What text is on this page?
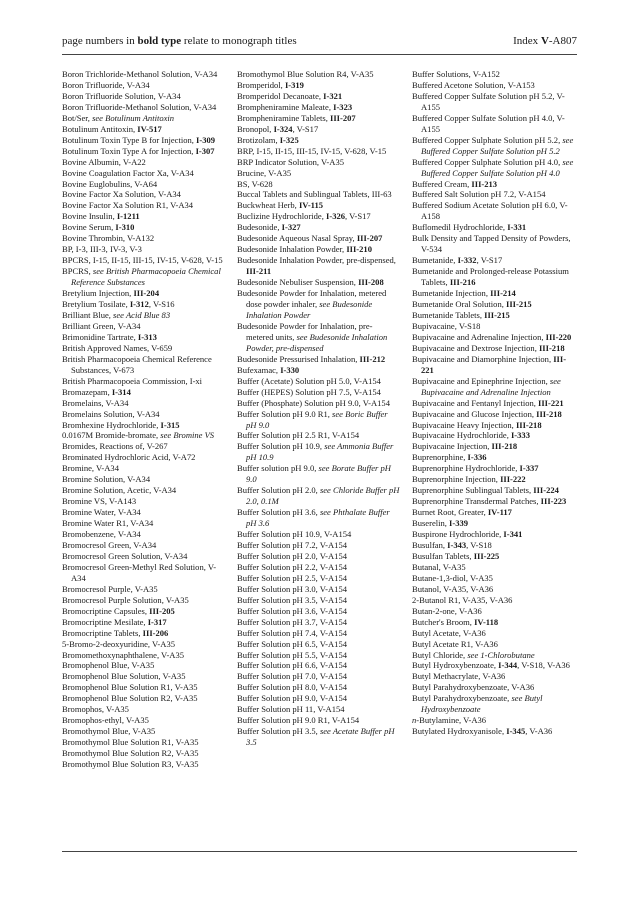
page numbers in bold type relate to monograph titles	Index V-A807
Boron Trichloride-Methanol Solution, V-A34
Boron Trifluoride, V-A34
Boron Trifluoride Solution, V-A34
Boron Trifluoride-Methanol Solution, V-A34
Bot/Ser, see Botulinum Antitoxin
Botulinum Antitoxin, IV-517
Botulinum Toxin Type B for Injection, I-309
Botulinum Toxin Type A for Injection, I-307
Bovine Albumin, V-A22
Bovine Coagulation Factor Xa, V-A34
Bovine Euglobulins, V-A64
Bovine Factor Xa Solution, V-A34
Bovine Factor Xa Solution R1, V-A34
Bovine Insulin, I-1211
Bovine Serum, I-310
Bovine Thrombin, V-A132
BP, I-3, III-3, IV-3, V-3
BPCRS, I-15, II-15, III-15, IV-15, V-628, V-15
BPCRS, see British Pharmacopoeia Chemical Reference Substances
Bretylium Injection, III-204
Bretylium Tosilate, I-312, V-S16
Brilliant Blue, see Acid Blue 83
Brilliant Green, V-A34
Brimonidine Tartrate, I-313
British Approved Names, V-659
British Pharmacopoeia Chemical Reference Substances, V-673
British Pharmacopoeia Commission, I-xi
Bromazepam, I-314
Bromelains, V-A34
Bromelains Solution, V-A34
Bromhexine Hydrochloride, I-315
0.0167M Bromide-bromate, see Bromine VS
Bromides, Reactions of, V-267
Brominated Hydrochloric Acid, V-A72
Bromine, V-A34
Bromine Solution, V-A34
Bromine Solution, Acetic, V-A34
Bromine VS, V-A143
Bromine Water, V-A34
Bromine Water R1, V-A34
Bromobenzene, V-A34
Bromocresol Green, V-A34
Bromocresol Green Solution, V-A34
Bromocresol Green-Methyl Red Solution, V-A34
Bromocresol Purple, V-A35
Bromocresol Purple Solution, V-A35
Bromocriptine Capsules, III-205
Bromocriptine Mesilate, I-317
Bromocriptine Tablets, III-206
5-Bromo-2-deoxyuridine, V-A35
Bromomethoxynaphthalene, V-A35
Bromophenol Blue, V-A35
Bromophenol Blue Solution, V-A35
Bromophenol Blue Solution R1, V-A35
Bromophenol Blue Solution R2, V-A35
Bromophos, V-A35
Bromophos-ethyl, V-A35
Bromothymol Blue, V-A35
Bromothymol Blue Solution R1, V-A35
Bromothymol Blue Solution R2, V-A35
Bromothymol Blue Solution R3, V-A35
Bromothymol Blue Solution R4, V-A35
Bromperidol, I-319
Bromperidol Decanoate, I-321
Brompheniramine Maleate, I-323
Brompheniramine Tablets, III-207
Bronopol, I-324, V-S17
Brotizolam, I-325
BRP, I-15, II-15, III-15, IV-15, V-628, V-15
BRP Indicator Solution, V-A35
Brucine, V-A35
BS, V-628
Buccal Tablets and Sublingual Tablets, III-63
Buckwheat Herb, IV-115
Buclizine Hydrochloride, I-326, V-S17
Budesonide, I-327
Budesonide Aqueous Nasal Spray, III-207
Budesonide Inhalation Powder, III-210
Budesonide Inhalation Powder, pre-dispensed, III-211
Budesonide Nebuliser Suspension, III-208
Budesonide Powder for Inhalation, metered dose powder inhaler, see Budesonide Inhalation Powder
Budesonide Powder for Inhalation, pre-metered units, see Budesonide Inhalation Powder, pre-dispensed
Budesonide Pressurised Inhalation, III-212
Bufexamac, I-330
Buffer (Acetate) Solution pH 5.0, V-A154
Buffer (HEPES) Solution pH 7.5, V-A154
Buffer (Phosphate) Solution pH 9.0, V-A154
Buffer Solution pH 9.0 R1, see Boric Buffer pH 9.0
Buffer Solution pH 2.5 R1, V-A154
Buffer Solution pH 10.9, see Ammonia Buffer pH 10.9
Buffer solution pH 9.0, see Borate Buffer pH 9.0
Buffer Solution pH 2.0, see Chloride Buffer pH 2.0, 0.1M
Buffer Solution pH 3.6, see Phthalate Buffer pH 3.6
Buffer Solution pH 10.9, V-A154
Buffer Solution pH 7.2, V-A154
Buffer Solution pH 2.0, V-A154
Buffer Solution pH 2.2, V-A154
Buffer Solution pH 2.5, V-A154
Buffer Solution pH 3.0, V-A154
Buffer Solution pH 3.5, V-A154
Buffer Solution pH 3.6, V-A154
Buffer Solution pH 3.7, V-A154
Buffer Solution pH 7.4, V-A154
Buffer Solution pH 6.5, V-A154
Buffer Solution pH 5.5, V-A154
Buffer Solution pH 6.6, V-A154
Buffer Solution pH 7.0, V-A154
Buffer Solution pH 8.0, V-A154
Buffer Solution pH 9.0, V-A154
Buffer Solution pH 11, V-A154
Buffer Solution pH 9.0 R1, V-A154
Buffer Solution pH 3.5, see Acetate Buffer pH 3.5
Buffer Solutions, V-A152
Buffered Acetone Solution, V-A153
Buffered Copper Sulfate Solution pH 5.2, V-A155
Buffered Copper Sulfate Solution pH 4.0, V-A155
Buffered Copper Sulphate Solution pH 5.2, see Buffered Copper Sulfate Solution pH 5.2
Buffered Copper Sulphate Solution pH 4.0, see Buffered Copper Sulfate Solution pH 4.0
Buffered Cream, III-213
Buffered Salt Solution pH 7.2, V-A154
Buffered Sodium Acetate Solution pH 6.0, V-A158
Buflomedil Hydrochloride, I-331
Bulk Density and Tapped Density of Powders, V-534
Bumetanide, I-332, V-S17
Bumetanide and Prolonged-release Potassium Tablets, III-216
Bumetanide Injection, III-214
Bumetanide Oral Solution, III-215
Bumetanide Tablets, III-215
Bupivacaine, V-S18
Bupivacaine and Adrenaline Injection, III-220
Bupivacaine and Dextrose Injection, III-218
Bupivacaine and Diamorphine Injection, III-221
Bupivacaine and Epinephrine Injection, see Bupivacaine and Adrenaline Injection
Bupivacaine and Fentanyl Injection, III-221
Bupivacaine and Glucose Injection, III-218
Bupivacaine Heavy Injection, III-218
Bupivacaine Hydrochloride, I-333
Bupivacaine Injection, III-218
Buprenorphine, I-336
Buprenorphine Hydrochloride, I-337
Buprenorphine Injection, III-222
Buprenorphine Sublingual Tablets, III-224
Buprenorphine Transdermal Patches, III-223
Burnet Root, Greater, IV-117
Buserelin, I-339
Buspirone Hydrochloride, I-341
Busulfan, I-343, V-S18
Busulfan Tablets, III-225
Butanal, V-A35
Butane-1,3-diol, V-A35
Butanol, V-A35, V-A36
2-Butanol R1, V-A35, V-A36
Butan-2-one, V-A36
Butcher's Broom, IV-118
Butyl Acetate, V-A36
Butyl Acetate R1, V-A36
Butyl Chloride, see 1-Chlorobutane
Butyl Hydroxybenzoate, I-344, V-S18, V-A36
Butyl Methacrylate, V-A36
Butyl Parahydroxybenzoate, V-A36
Butyl Parahydroxybenzoate, see Butyl Hydroxybenzoate
n-Butylamine, V-A36
Butylated Hydroxyanisole, I-345, V-A36
